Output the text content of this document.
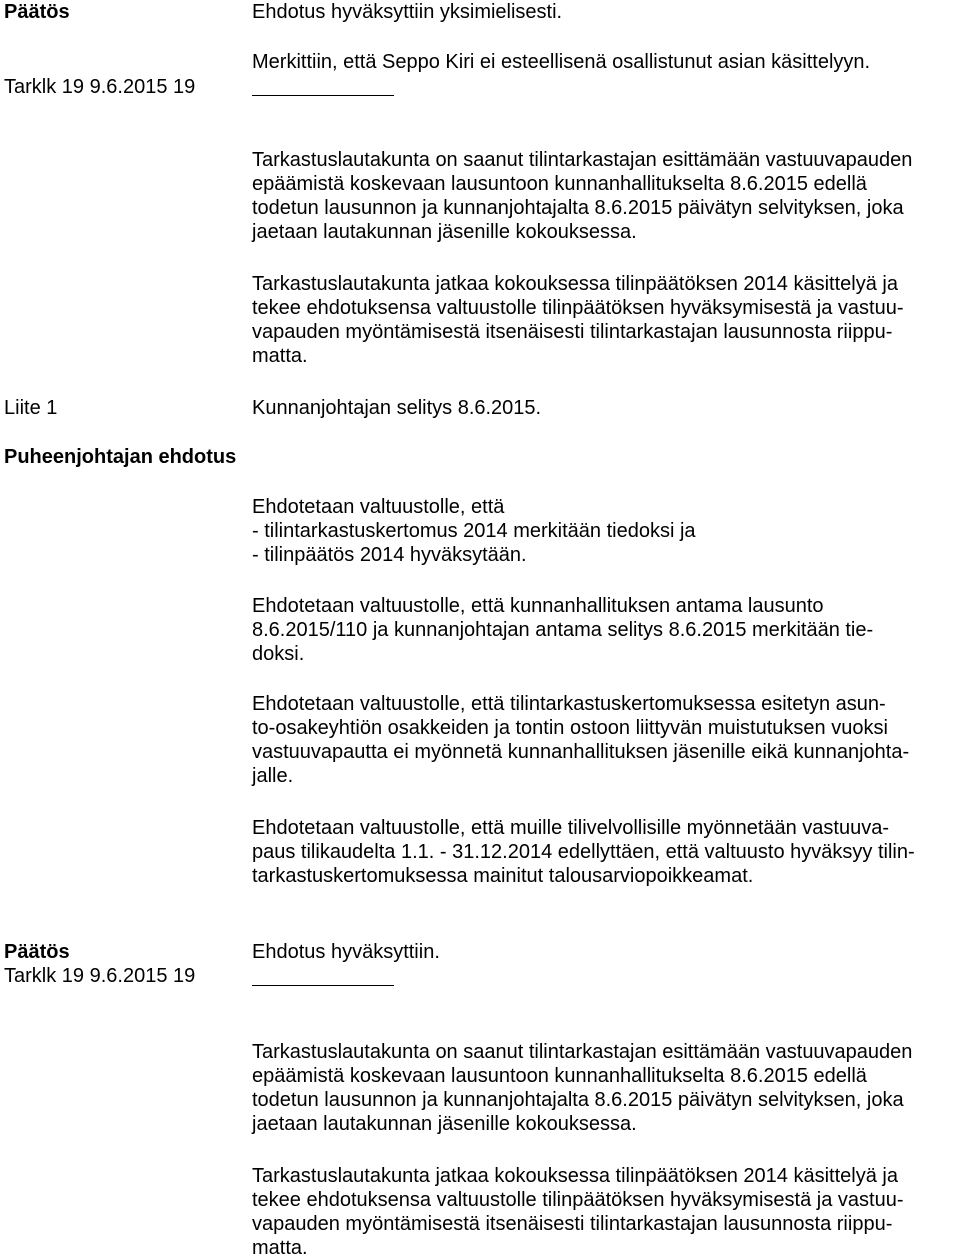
Päätös	Ehdotus hyväksyttiin yksimielisesti.
Merkittiin, että Seppo Kiri ei esteellisenä osallistunut asian käsittelyyn.
Tarklk 19 9.6.2015 19
Tarkastuslautakunta on saanut tilintarkastajan esittämään vastuuvapauden
epäämistä koskevaan lausuntoon kunnanhallitukselta 8.6.2015 edellä
todetun lausunnon ja kunnanjohtajalta 8.6.2015 päivätyn selvityksen, joka
jaetaan lautakunnan jäsenille kokouksessa.
Tarkastuslautakunta jatkaa kokouksessa tilinpäätöksen 2014 käsittelyä ja
tekee ehdotuksensa valtuustolle tilinpäätöksen hyväksymisestä ja vastuu-
vapauden myöntämisestä itsenäisesti tilintarkastajan lausunnosta riippu-
matta.
Liite 1	Kunnanjohtajan selitys 8.6.2015.
Puheenjohtajan ehdotus
Ehdotetaan valtuustolle, että
- tilintarkastuskertomus 2014 merkitään tiedoksi ja
- tilinpäätös 2014 hyväksytään.
Ehdotetaan valtuustolle, että kunnanhallituksen antama lausunto
8.6.2015/110 ja kunnanjohtajan antama selitys 8.6.2015 merkitään tie-
doksi.
Ehdotetaan valtuustolle, että tilintarkastuskertomuksessa esitetyn asun-
to-osakeyhtiön osakkeiden ja tontin ostoon liittyvän muistutuksen vuoksi
vastuuvapautta ei myönnetä kunnanhallituksen jäsenille eikä kunnanjohta-
jalle.
Ehdotetaan valtuustolle, että muille tilivelvollisille myönnetään vastuuva-
paus tilikaudelta 1.1. - 31.12.2014 edellyttäen, että valtuusto hyväksyy tilin-
tarkastuskertomuksessa mainitut talousarviopoikkeamat.
Päätös	Ehdotus hyväksyttiin.
Tarklk 19 9.6.2015 19
Tarkastuslautakunta on saanut tilintarkastajan esittämään vastuuvapauden
epäämistä koskevaan lausuntoon kunnanhallitukselta 8.6.2015 edellä
todetun lausunnon ja kunnanjohtajalta 8.6.2015 päivätyn selvityksen, joka
jaetaan lautakunnan jäsenille kokouksessa.
Tarkastuslautakunta jatkaa kokouksessa tilinpäätöksen 2014 käsittelyä ja
tekee ehdotuksensa valtuustolle tilinpäätöksen hyväksymisestä ja vastuu-
vapauden myöntämisestä itsenäisesti tilintarkastajan lausunnosta riippu-
matta.
